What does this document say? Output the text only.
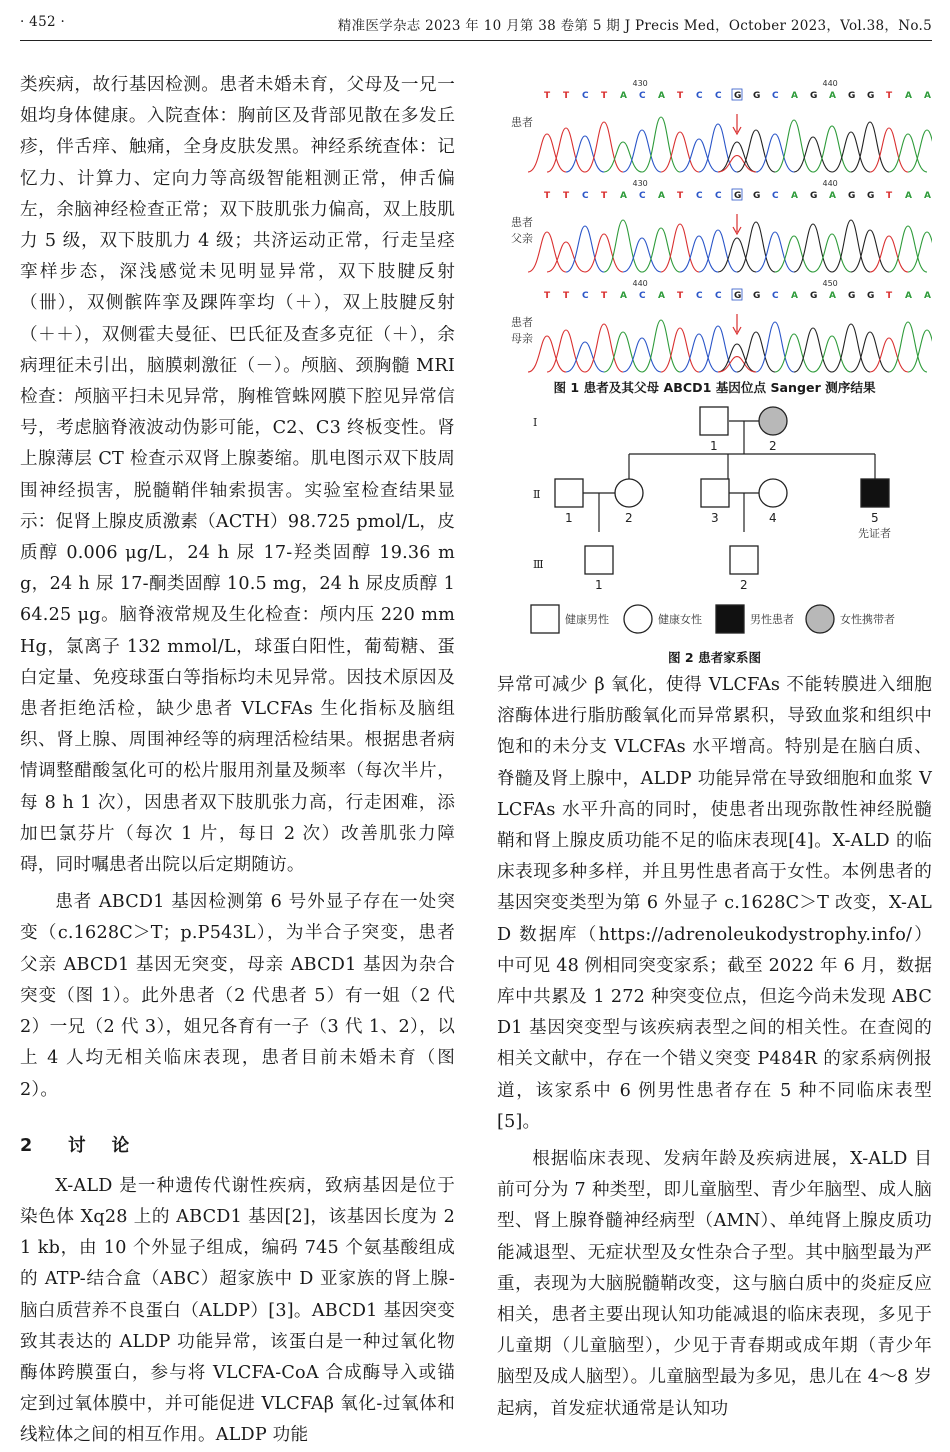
· 452 ·	精准医学杂志 2023 年 10 月第 38 卷第 5 期 J Precis Med，October 2023，Vol.38，No.5

类疾病，故行基因检测。患者未婚未育，父母及一兄一姐均身体健康。入院查体：胸前区及背部见散在多发丘疹，伴舌痒、触痛，全身皮肤发黑。神经系统查体：记忆力、计算力、定向力等高级智能粗测正常，伸舌偏左，余脑神经检查正常；双下肢肌张力偏高，双上肢肌力 5 级，双下肢肌力 4 级；共济运动正常，行走呈痉挛样步态，深浅感觉未见明显异常，双下肢腱反射（卌），双侧髌阵挛及踝阵挛均（＋），双上肢腱反射（＋＋），双侧霍夫曼征、巴氏征及查多克征（＋），余病理征未引出，脑膜刺激征（－）。颅脑、颈胸髓 MRI 检查：颅脑平扫未见异常，胸椎管蛛网膜下腔见异常信号，考虑脑脊液波动伪影可能，C2、C3 终板变性。肾上腺薄层 CT 检查示双肾上腺萎缩。肌电图示双下肢周围神经损害，脱髓鞘伴轴索损害。实验室检查结果显示：促肾上腺皮质激素（ACTH）98.725 pmol/L，皮质醇 0.006 μg/L，24 h 尿 17-羟类固醇 19.36 mg，24 h 尿 17-酮类固醇 10.5 mg，24 h 尿皮质醇 164.25 μg。脑脊液常规及生化检查：颅内压 220 mmHg，氯离子 132 mmol/L，球蛋白阳性，葡萄糖、蛋白定量、免疫球蛋白等指标均未见异常。因技术原因及患者拒绝活检，缺少患者 VLCFAs 生化指标及脑组织、肾上腺、周围神经等的病理活检结果。根据患者病情调整醋酸氢化可的松片服用剂量及频率（每次半片，每 8 h 1 次），因患者双下肢肌张力高，行走困难，添加巴氯芬片（每次 1 片，每日 2 次）改善肌张力障碍，同时嘱患者出院以后定期随访。

患者 ABCD1 基因检测第 6 号外显子存在一处突变（c.1628C＞T；p.P543L），为半合子突变，患者父亲 ABCD1 基因无突变，母亲 ABCD1 基因为杂合突变（图 1）。此外患者（2 代患者 5）有一姐（2 代 2）一兄（2 代 3），姐兄各育有一子（3 代 1、2），以上 4 人均无相关临床表现，患者目前未婚未育（图 2）。

2 讨论

X-ALD 是一种遗传代谢性疾病，致病基因是位于染色体 Xq28 上的 ABCD1 基因[2]，该基因长度为 21 kb，由 10 个外显子组成，编码 745 个氨基酸组成的 ATP-结合盒（ABC）超家族中 D 亚家族的肾上腺-脑白质营养不良蛋白（ALDP）[3]。ABCD1 基因突变致其表达的 ALDP 功能异常，该蛋白是一种过氧化物酶体跨膜蛋白，参与将 VLCFA-CoA 合成酶导入或锚定到过氧体膜中，并可能促进 VLCFAβ 氧化-过氧体和线粒体之间的相互作用。ALDP 功能

患者
430	440
T T C T A C A T C C G G C A G A G G T A A
患者
父亲
430	440
T T C T A C A T C C G G C A G A G G T A A
患者
母亲
440	450
T T C T A C A T C C G G C A G A G G T A A
图 1 患者及其父母 ABCD1 基因位点 Sanger 测序结果
Ⅰ
Ⅱ
Ⅲ
1	2
1	2	3	4	5
先证者
1	2
健康男性	健康女性	男性患者	女性携带者
图 2 患者家系图

异常可减少 β 氧化，使得 VLCFAs 不能转膜进入细胞溶酶体进行脂肪酸氧化而异常累积，导致血浆和组织中饱和的未分支 VLCFAs 水平增高。特别是在脑白质、脊髓及肾上腺中，ALDP 功能异常在导致细胞和血浆 VLCFAs 水平升高的同时，使患者出现弥散性神经脱髓鞘和肾上腺皮质功能不足的临床表现[4]。X-ALD 的临床表现多种多样，并且男性患者高于女性。本例患者的基因突变类型为第 6 外显子 c.1628C＞T 改变，X-ALD 数据库（https://adrenoleukodystrophy.info/）中可见 48 例相同突变家系；截至 2022 年 6 月，数据库中共累及 1 272 种突变位点，但迄今尚未发现 ABCD1 基因突变型与该疾病表型之间的相关性。在查阅的相关文献中，存在一个错义突变 P484R 的家系病例报道，该家系中 6 例男性患者存在 5 种不同临床表型[5]。

根据临床表现、发病年龄及疾病进展，X-ALD 目前可分为 7 种类型，即儿童脑型、青少年脑型、成人脑型、肾上腺脊髓神经病型（AMN）、单纯肾上腺皮质功能减退型、无症状型及女性杂合子型。其中脑型最为严重，表现为大脑脱髓鞘改变，这与脑白质中的炎症反应相关，患者主要出现认知功能减退的临床表现，多见于儿童期（儿童脑型），少见于青春期或成年期（青少年脑型及成人脑型）。儿童脑型最为多见，患儿在 4～8 岁起病，首发症状通常是认知功
